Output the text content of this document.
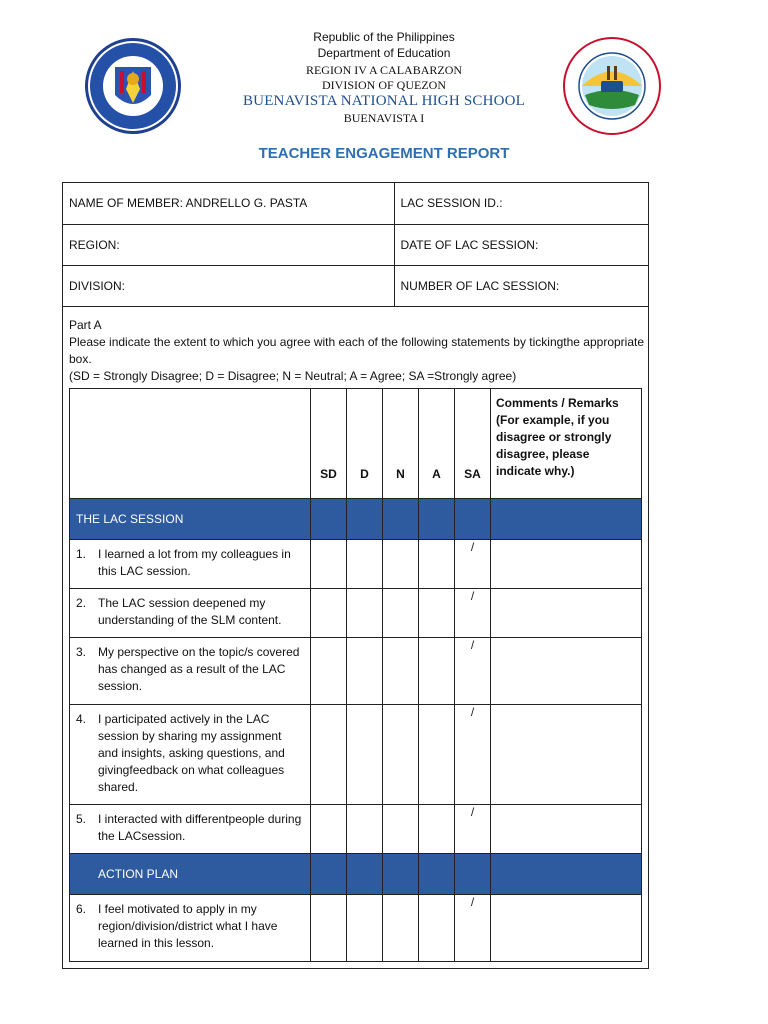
Republic of the Philippines
Department of Education
REGION IV A CALABARZON
DIVISION OF QUEZON
BUENAVISTA NATIONAL HIGH SCHOOL
BUENAVISTA I
TEACHER ENGAGEMENT REPORT
NAME OF MEMBER: ANDRELLO G. PASTA	LAC SESSION ID.:
REGION:	DATE OF LAC SESSION:
DIVISION:	NUMBER OF LAC SESSION:
Part A
Please indicate the extent to which you agree with each of the following statements by tickingthe appropriate box.
(SD = Strongly Disagree; D = Disagree; N = Neutral; A = Agree; SA =Strongly agree)
	SD	D	N	A	SA	Comments / Remarks (For example, if you disagree or strongly disagree, please indicate why.)
THE LAC SESSION						
1. I learned a lot from my colleagues in this LAC session.					/	
2. The LAC session deepened my understanding of the SLM content.					/	
3. My perspective on the topic/s covered has changed as a result of the LAC session.					/	
4. I participated actively in the LAC session by sharing my assignment and insights, asking questions, and givingfeedback on what colleagues shared.					/	
5. I interacted with differentpeople during the LACsession.					/	
ACTION PLAN						
6. I feel motivated to apply in my region/division/district what I have learned in this lesson.					/	
